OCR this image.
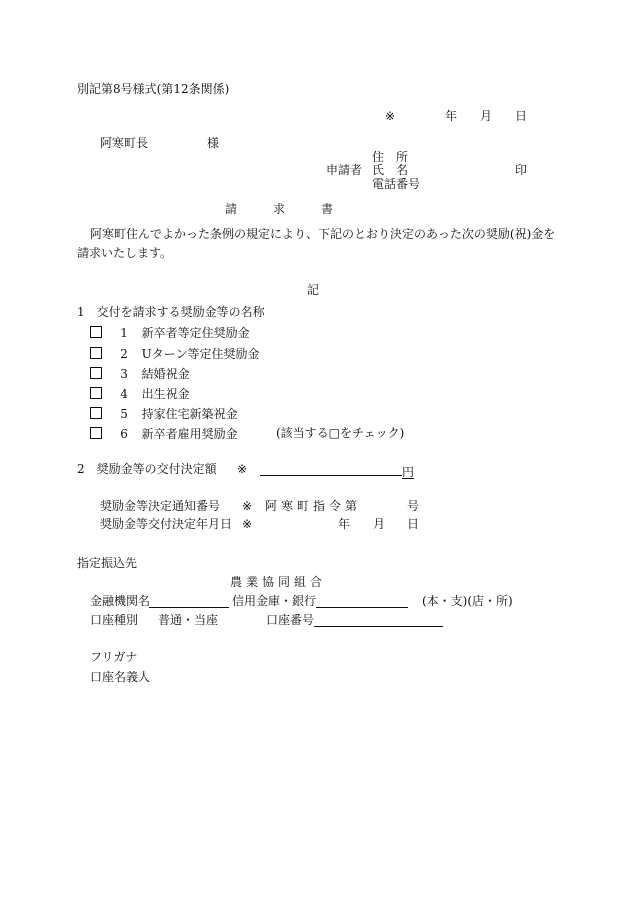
別記第8号様式(第12条関係)
※	年 月 日
阿寒町長	様
住　所
申請者 氏　名	印
電話番号
請　　　求　　　書
阿寒町住んでよかった条例の規定により、下記のとおり決定のあった次の奨励(祝)金を
請求いたします。
記
1　交付を請求する奨励金等の名称
1 新卒者等定住奨励金
2 Uターン等定住奨励金
3 結婚祝金
4 出生祝金
5 持家住宅新築祝金
6 新卒者雇用奨励金	(該当する□をチェック)
2　奨励金等の交付決定額 ※	円
奨励金等決定通知番号 ※ 阿寒町指令第	号
奨励金等交付決定年月日 ※	年 月 日
指定振込先
農業協同組合
金融機関名	信用金庫・銀行	(本・支)(店・所)
口座種別 普通・当座	口座番号
フリガナ
口座名義人
